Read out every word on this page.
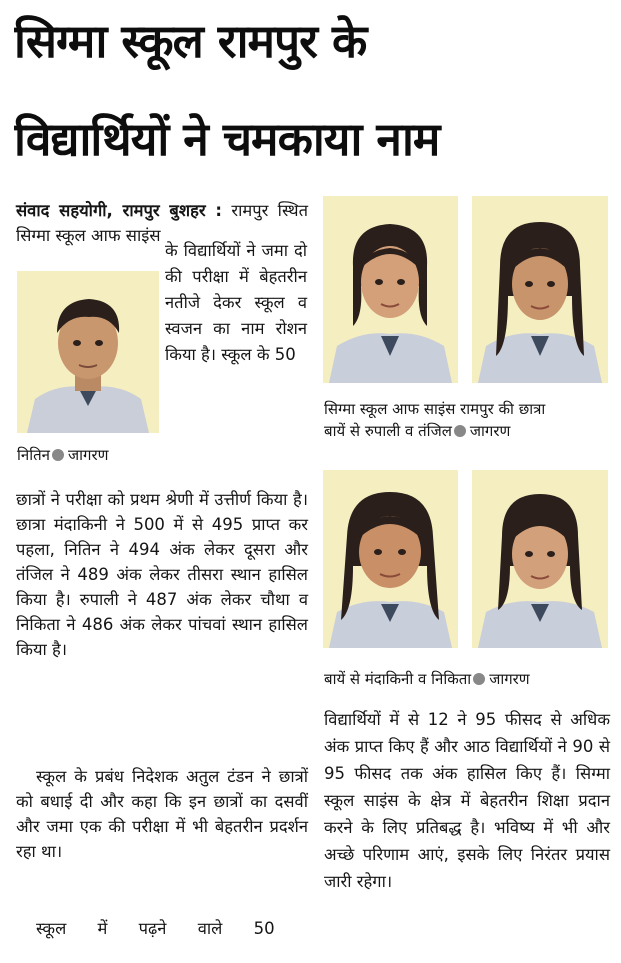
सिग्मा स्कूल रामपुर के
विद्यार्थियों ने चमकाया नाम
संवाद सहयोगी, रामपुर बुशहर : रामपुर स्थित सिग्मा स्कूल आफ साइंस
के विद्यार्थियों ने जमा दो की परीक्षा में बेहतरीन नतीजे देकर स्कूल व स्वजन का नाम रोशन किया है। स्कूल के 50
नितिन जागरण
छात्रों ने परीक्षा को प्रथम श्रेणी में उत्तीर्ण किया है। छात्रा मंदाकिनी ने 500 में से 495 प्राप्त कर पहला, नितिन ने 494 अंक लेकर दूसरा और तंजिल ने 489 अंक लेकर तीसरा स्थान हासिल किया है। रुपाली ने 487 अंक लेकर चौथा व निकिता ने 486 अंक लेकर पांचवां स्थान हासिल किया है।
स्कूल के प्रबंध निदेशक अतुल टंडन ने छात्रों को बधाई दी और कहा कि इन छात्रों का दसवीं और जमा एक की परीक्षा में भी बेहतरीन प्रदर्शन रहा था।
स्कूल में पढ़ने वाले 50
सिग्मा स्कूल आफ साइंस रामपुर की छात्रा
बायें से रुपाली व तंजिल जागरण
बायें से मंदाकिनी व निकिता जागरण
विद्यार्थियों में से 12 ने 95 फीसद से अधिक अंक प्राप्त किए हैं और आठ विद्यार्थियों ने 90 से 95 फीसद तक अंक हासिल किए हैं। सिग्मा स्कूल साइंस के क्षेत्र में बेहतरीन शिक्षा प्रदान करने के लिए प्रतिबद्ध है। भविष्य में भी और अच्छे परिणाम आएं, इसके लिए निरंतर प्रयास जारी रहेगा।
